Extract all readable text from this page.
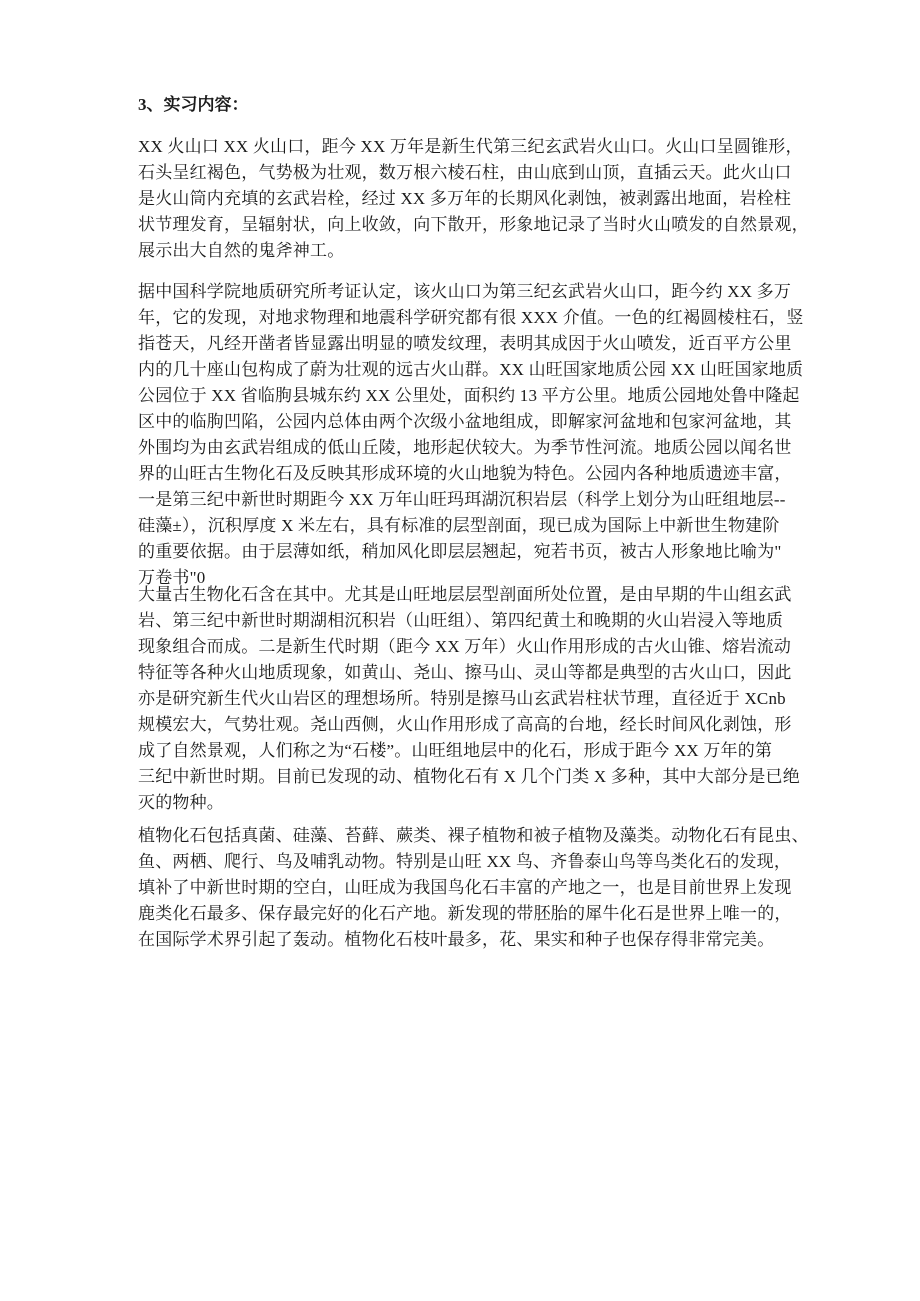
3、实习内容：
XX 火山口 XX 火山口，距今 XX 万年是新生代第三纪玄武岩火山口。火山口呈圆锥形，
石头呈红褐色，气势极为壮观，数万根六棱石柱，由山底到山顶，直插云天。此火山口
是火山筒内充填的玄武岩栓，经过 XX 多万年的长期风化剥蚀，被剥露出地面，岩栓柱
状节理发育，呈辐射状，向上收敛，向下散开，形象地记录了当时火山喷发的自然景观，
展示出大自然的鬼斧神工。
据中国科学院地质研究所考证认定，该火山口为第三纪玄武岩火山口，距今约 XX 多万
年，它的发现，对地求物理和地震科学研究都有很 XXX 介值。一色的红褐圆棱柱石，竖
指苍天，凡经开凿者皆显露出明显的喷发纹理，表明其成因于火山喷发，近百平方公里
内的几十座山包构成了蔚为壮观的远古火山群。XX 山旺国家地质公园 XX 山旺国家地质
公园位于 XX 省临朐县城东约 XX 公里处，面积约 13 平方公里。地质公园地处鲁中隆起
区中的临朐凹陷，公园内总体由两个次级小盆地组成，即解家河盆地和包家河盆地，其
外围均为由玄武岩组成的低山丘陵，地形起伏较大。为季节性河流。地质公园以闻名世
界的山旺古生物化石及反映其形成环境的火山地貌为特色。公园内各种地质遗迹丰富，
一是第三纪中新世时期距今 XX 万年山旺玛珥湖沉积岩层（科学上划分为山旺组地层--
硅藻±），沉积厚度 X 米左右，具有标准的层型剖面，现已成为国际上中新世生物建阶
的重要依据。由于层薄如纸，稍加风化即层层翘起，宛若书页，被古人形象地比喻为"
万卷书"0
大量古生物化石含在其中。尤其是山旺地层层型剖面所处位置，是由早期的牛山组玄武
岩、第三纪中新世时期湖相沉积岩（山旺组）、第四纪黄土和晚期的火山岩浸入等地质
现象组合而成。二是新生代时期（距今 XX 万年）火山作用形成的古火山锥、熔岩流动
特征等各种火山地质现象，如黄山、尧山、擦马山、灵山等都是典型的古火山口，因此
亦是研究新生代火山岩区的理想场所。特别是擦马山玄武岩柱状节理，直径近于 XCnb
规模宏大，气势壮观。尧山西侧，火山作用形成了高高的台地，经长时间风化剥蚀，形
成了自然景观，人们称之为“石楼”。山旺组地层中的化石，形成于距今 XX 万年的第
三纪中新世时期。目前已发现的动、植物化石有 X 几个门类 X 多种，其中大部分是已绝
灭的物种。
植物化石包括真菌、硅藻、苔藓、蕨类、裸子植物和被子植物及藻类。动物化石有昆虫、
鱼、两栖、爬行、鸟及哺乳动物。特别是山旺 XX 鸟、齐鲁泰山鸟等鸟类化石的发现，
填补了中新世时期的空白，山旺成为我国鸟化石丰富的产地之一，也是目前世界上发现
鹿类化石最多、保存最完好的化石产地。新发现的带胚胎的犀牛化石是世界上唯一的，
在国际学术界引起了轰动。植物化石枝叶最多，花、果实和种子也保存得非常完美。
